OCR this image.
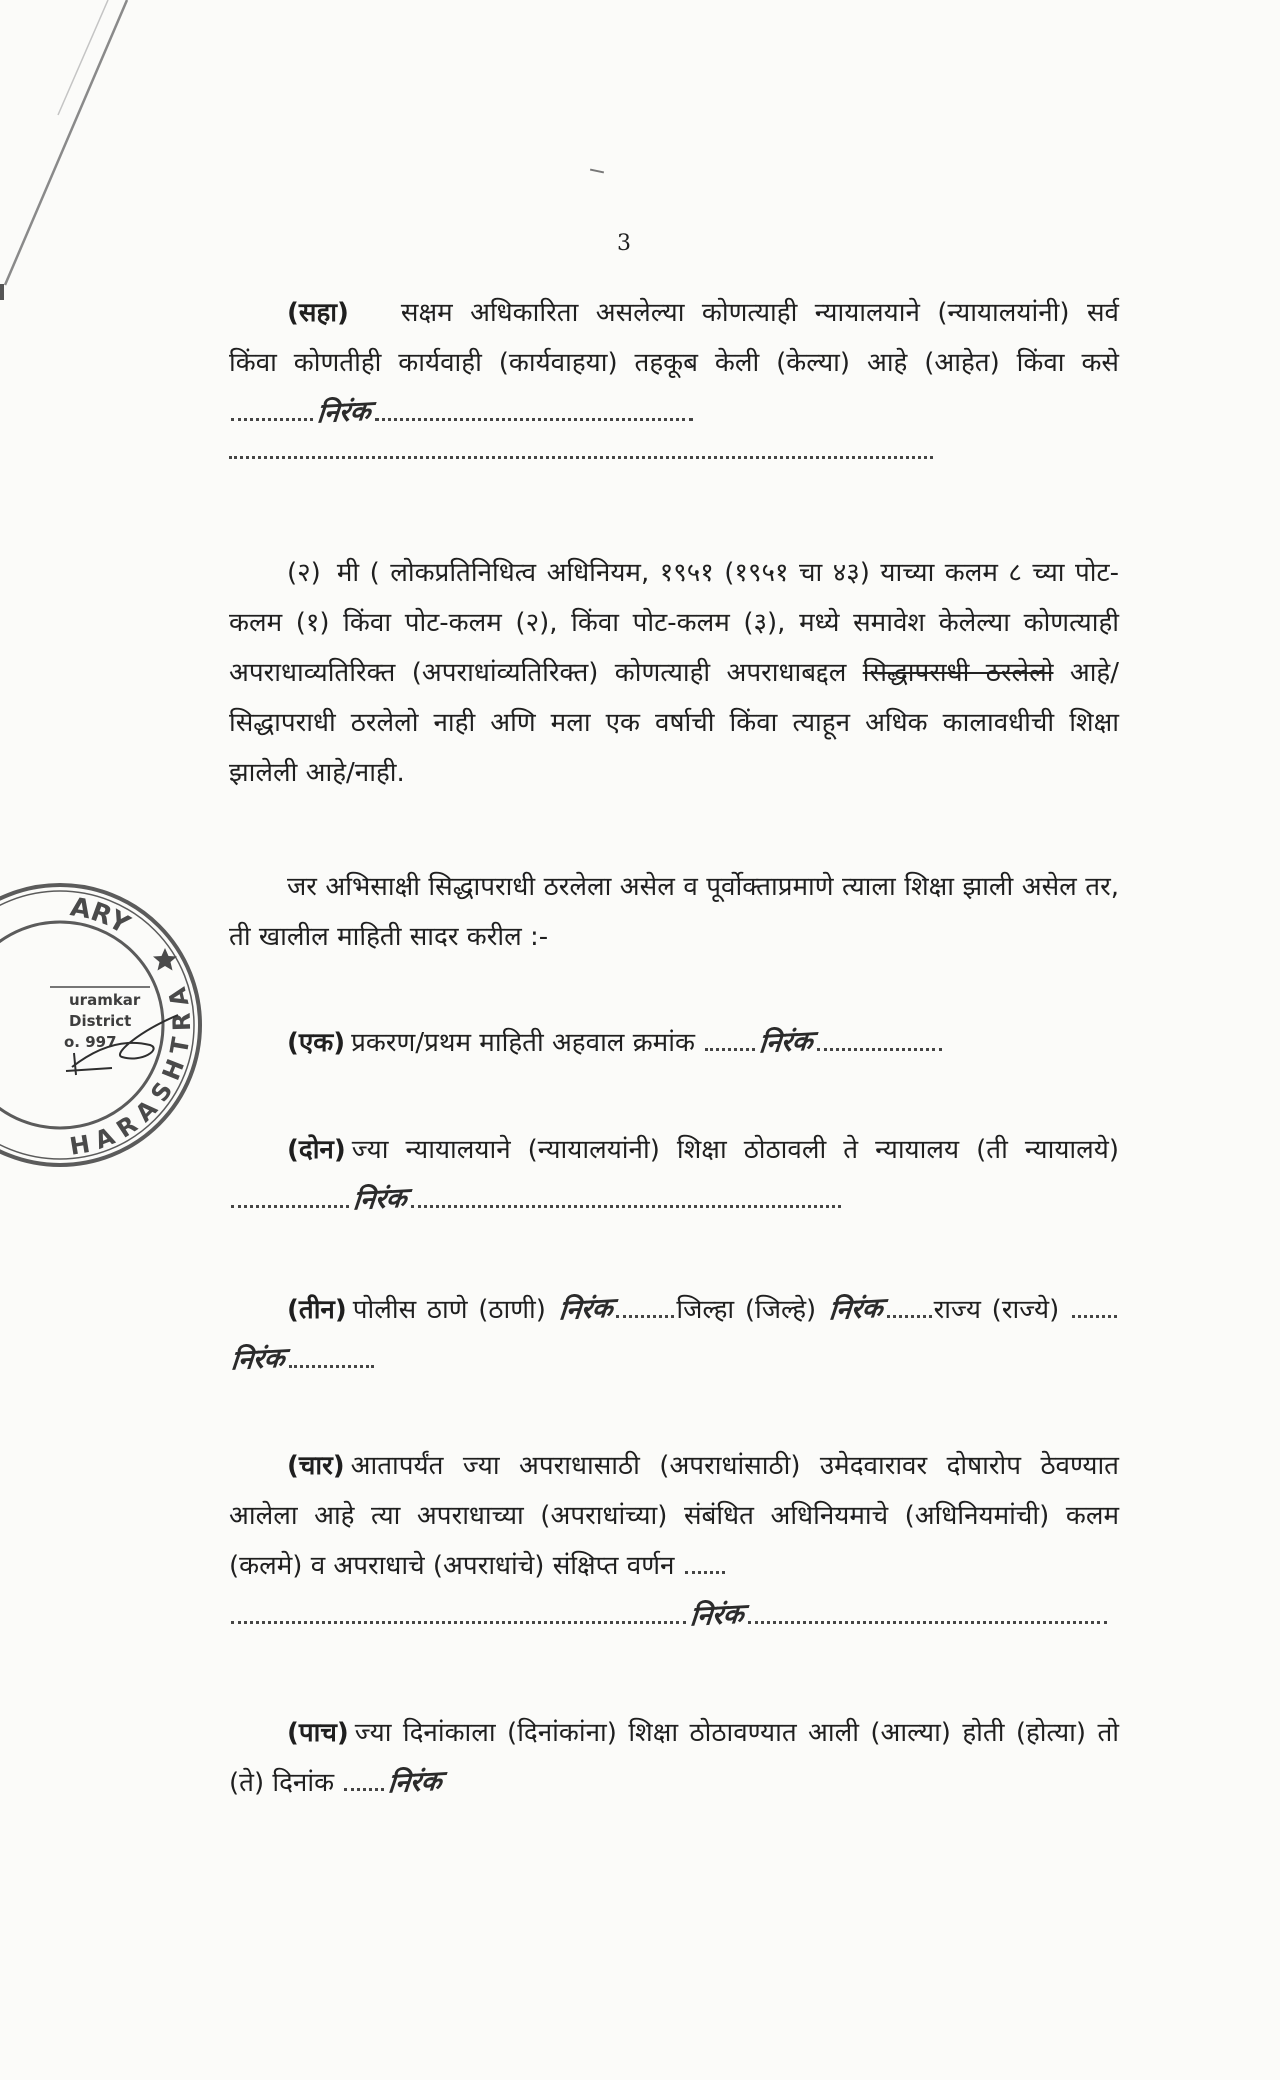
3

(सहा) सक्षम अधिकारिता असलेल्या कोणत्याही न्यायालयाने (न्यायालयांनी) सर्व किंवा कोणतीही कार्यवाही (कार्यवाहया) तहकूब केली (केल्या) आहे (आहेत) किंवा कसे निरंक

(२) मी ( लोकप्रतिनिधित्व अधिनियम, १९५१ (१९५१ चा ४३) याच्या कलम ८ च्या पोट-कलम (१) किंवा पोट-कलम (२), किंवा पोट-कलम (३), मध्ये समावेश केलेल्या कोणत्याही अपराधाव्यतिरिक्त (अपराधांव्यतिरिक्त) कोणत्याही अपराधाबद्दल सिद्धापराधी ठरलेलो आहे/सिद्धापराधी ठरलेलो नाही अणि मला एक वर्षाची किंवा त्याहून अधिक कालावधीची शिक्षा झालेली आहे/नाही.

जर अभिसाक्षी सिद्धापराधी ठरलेला असेल व पूर्वोक्ताप्रमाणे त्याला शिक्षा झाली असेल तर, ती खालील माहिती सादर करील :-

(एक) प्रकरण/प्रथम माहिती अहवाल क्रमांक निरंक

(दोन) ज्या न्यायालयाने (न्यायालयांनी) शिक्षा ठोठावली ते न्यायालय (ती न्यायालये)निरंक

(तीन) पोलीस ठाणे (ठाणी) निरंक जिल्हा (जिल्हे) निरंक राज्य (राज्ये) निरंक

(चार) आतापर्यंत ज्या अपराधासाठी (अपराधांसाठी) उमेदवारावर दोषारोप ठेवण्यात आलेला आहे त्या अपराधाच्या (अपराधांच्या) संबंधित अधिनियमाचे (अधिनियमांची) कलम (कलमे) व अपराधाचे (अपराधांचे) संक्षिप्त वर्णन
निरंक

(पाच) ज्या दिनांकाला (दिनांकांना) शिक्षा ठोठावण्यात आली (आल्या) होती (होत्या) तो (ते) दिनांक निरंक

ARY
HARASHTRA
uramkar
District
o. 997
